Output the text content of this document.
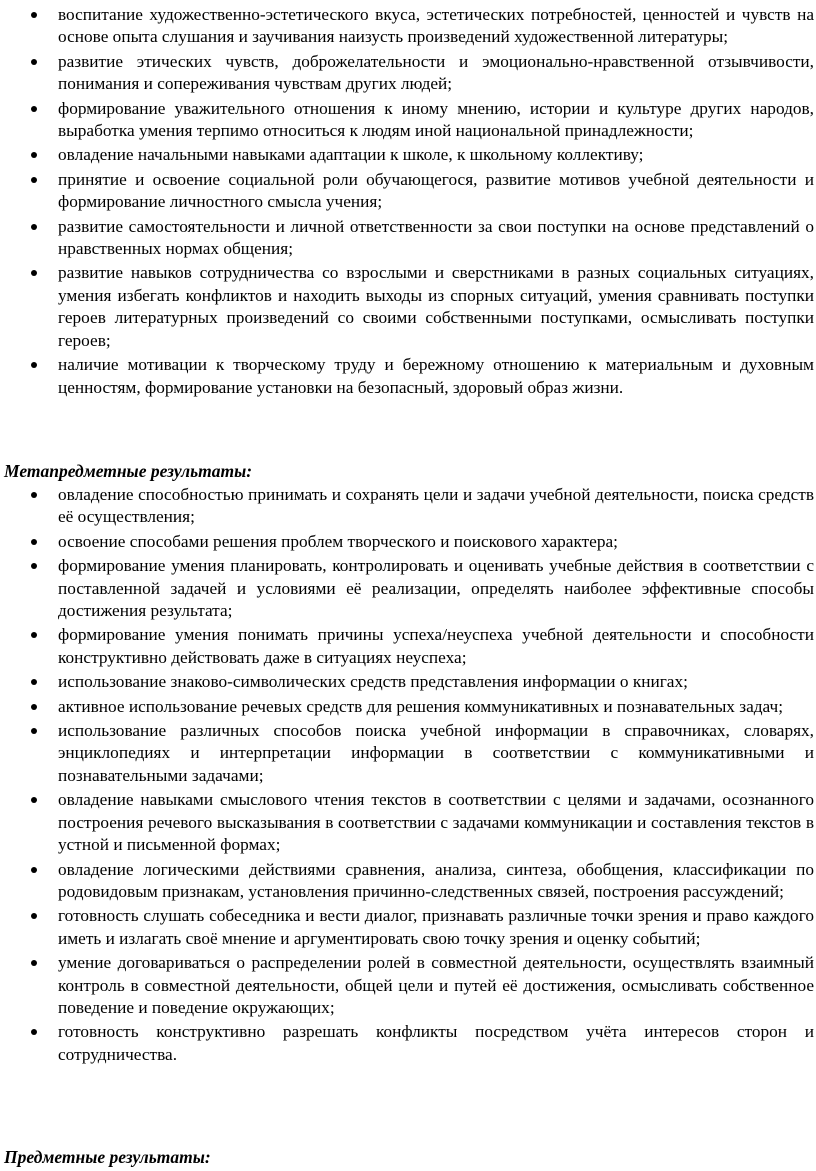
воспитание художественно-эстетического вкуса, эстетических потребностей, ценностей и чувств на основе опыта слушания и заучивания наизусть произведений художественной литературы;
развитие этических чувств, доброжелательности и эмоционально-нравственной отзывчивости, понимания и сопереживания чувствам других людей;
формирование уважительного отношения к иному мнению, истории и культуре других народов, выработка умения терпимо относиться к людям иной национальной принадлежности;
овладение начальными навыками адаптации к школе, к школьному коллективу;
принятие и освоение социальной роли обучающегося, развитие мотивов учебной деятельности и формирование личностного смысла учения;
развитие самостоятельности и личной ответственности за свои поступки на основе представлений о нравственных нормах общения;
развитие навыков сотрудничества со взрослыми и сверстниками в разных социальных ситуациях, умения избегать конфликтов и находить выходы из спорных ситуаций, умения сравнивать поступки героев литературных произведений со своими собственными поступками, осмысливать поступки героев;
наличие мотивации к творческому труду и бережному отношению к материальным и духовным ценностям, формирование установки на безопасный, здоровый образ жизни.

Метапредметные результаты:

овладение способностью принимать и сохранять цели и задачи учебной деятельности, поиска средств её осуществления;
освоение способами решения проблем творческого и поискового характера;
формирование умения планировать, контролировать и оценивать учебные действия в соответствии с поставленной задачей и условиями её реализации, определять наиболее эффективные способы достижения результата;
формирование умения понимать причины успеха/неуспеха учебной деятельности и способности конструктивно действовать даже в ситуациях неуспеха;
использование знаково-символических средств представления информации о книгах;
активное использование речевых средств для решения коммуникативных и познавательных задач;
использование различных способов поиска учебной информации в справочниках, словарях, энциклопедиях и интерпретации информации в соответствии с коммуникативными и познавательными задачами;
овладение навыками смыслового чтения текстов в соответствии с целями и задачами, осознанного построения речевого высказывания в соответствии с задачами коммуникации и составления текстов в устной и письменной формах;
овладение логическими действиями сравнения, анализа, синтеза, обобщения, классификации по родовидовым признакам, установления причинно-следственных связей, построения рассуждений;
готовность слушать собеседника и вести диалог, признавать различные точки зрения и право каждого иметь и излагать своё мнение и аргументировать свою точку зрения и оценку событий;
умение договариваться о распределении ролей в совместной деятельности, осуществлять взаимный контроль в совместной деятельности, общей цели и путей её достижения, осмысливать собственное поведение и поведение окружающих;
готовность конструктивно разрешать конфликты посредством учёта интересов сторон и сотрудничества.

Предметные результаты:
